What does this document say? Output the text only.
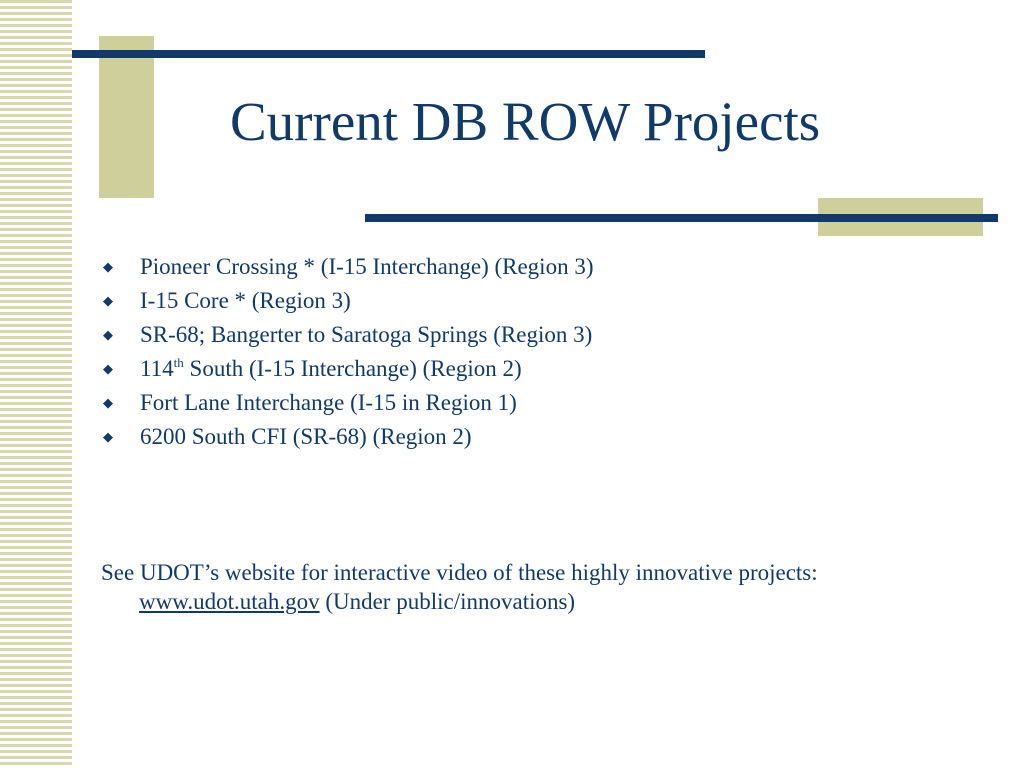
Current DB ROW Projects
◆ Pioneer Crossing * (I-15 Interchange) (Region 3)
◆ I-15 Core * (Region 3)
◆ SR-68; Bangerter to Saratoga Springs (Region 3)
◆ 114th South (I-15 Interchange) (Region 2)
◆ Fort Lane Interchange (I-15 in Region 1)
◆ 6200 South CFI (SR-68) (Region 2)

See UDOT’s website for interactive video of these highly innovative projects: www.udot.utah.gov (Under public/innovations)
